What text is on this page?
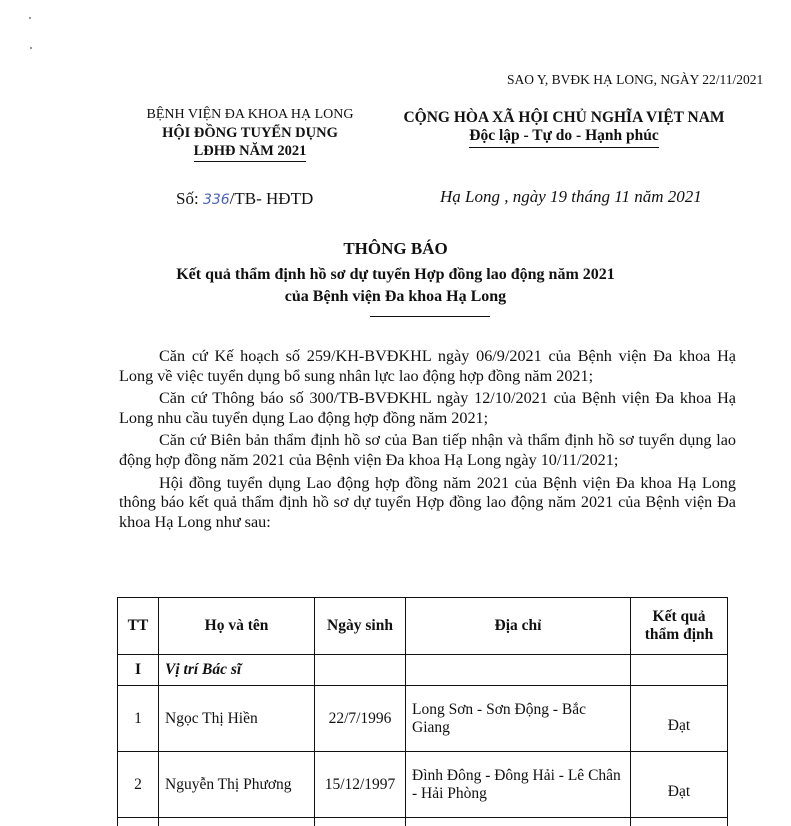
SAO Y, BVĐK HẠ LONG, NGÀY 22/11/2021
BỆNH VIỆN ĐA KHOA HẠ LONG
HỘI ĐỒNG TUYỂN DỤNG
LĐHĐ NĂM 2021
CỘNG HÒA XÃ HỘI CHỦ NGHĨA VIỆT NAM
Độc lập - Tự do - Hạnh phúc
Số: 336/TB- HĐTD	Hạ Long , ngày 19 tháng 11 năm 2021
THÔNG BÁO
Kết quả thẩm định hồ sơ dự tuyển Hợp đồng lao động năm 2021
của Bệnh viện Đa khoa Hạ Long

Căn cứ Kế hoạch số 259/KH-BVĐKHL ngày 06/9/2021 của Bệnh viện Đa khoa Hạ Long về việc tuyển dụng bổ sung nhân lực lao động hợp đồng năm 2021;

Căn cứ Thông báo số 300/TB-BVĐKHL ngày 12/10/2021 của Bệnh viện Đa khoa Hạ Long nhu cầu tuyển dụng Lao động hợp đồng năm 2021;

Căn cứ Biên bản thẩm định hồ sơ của Ban tiếp nhận và thẩm định hồ sơ tuyển dụng lao động hợp đồng năm 2021 của Bệnh viện Đa khoa Hạ Long ngày 10/11/2021;

Hội đồng tuyển dụng Lao động hợp đồng năm 2021 của Bệnh viện Đa khoa Hạ Long thông báo kết quả thẩm định hồ sơ dự tuyển Hợp đồng lao động năm 2021 của Bệnh viện Đa khoa Hạ Long như sau:

TT	Họ và tên	Ngày sinh	Địa chỉ	Kết quả
thẩm định

I	Vị trí Bác sĩ			
1	Ngọc Thị Hiền	22/7/1996	Long Sơn - Sơn Động - Bắc Giang	Đạt
2	Nguyễn Thị Phương	15/12/1997	Đình Đông - Đông Hải - Lê Chân - Hải Phòng	Đạt
